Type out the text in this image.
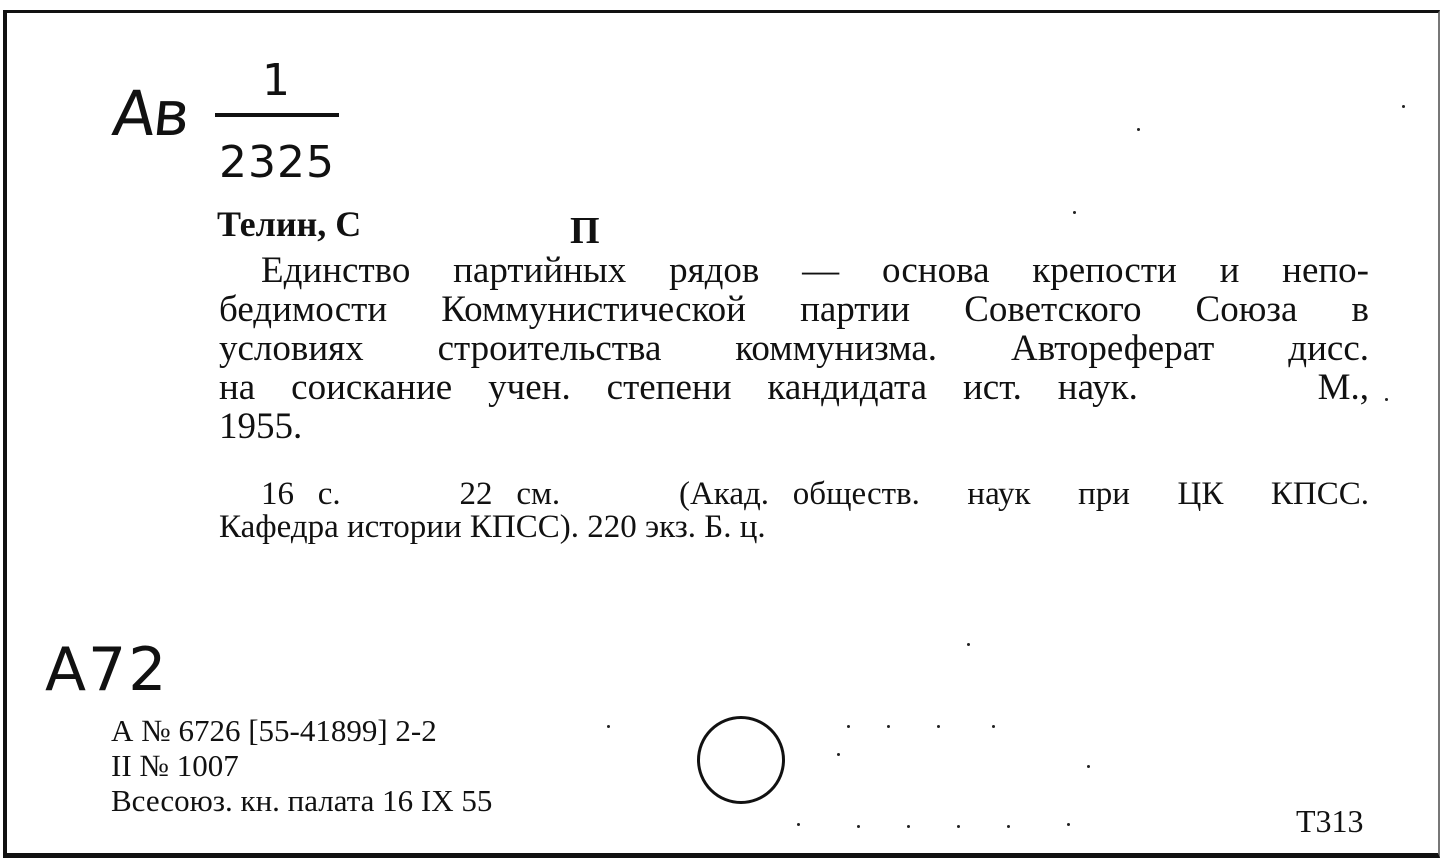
Ав 1
2325
Телин, С	П
Единство партийных рядов — основа крепости и непо-
бедимости Коммунистической партии Советского Союза в
условиях строительства коммунизма. Автореферат дисс.
на соискание учен. степени кандидата ист. наук.     М.,
1955.
16 с.     22 см.     (Акад. обществ.  наук  при  ЦК  КПСС.
Кафедра истории КПСС). 220 экз. Б. ц.
А72
А № 6726 [55-41899] 2-2
II № 1007
Всесоюз. кн. палата 16 IX 55
Т313
